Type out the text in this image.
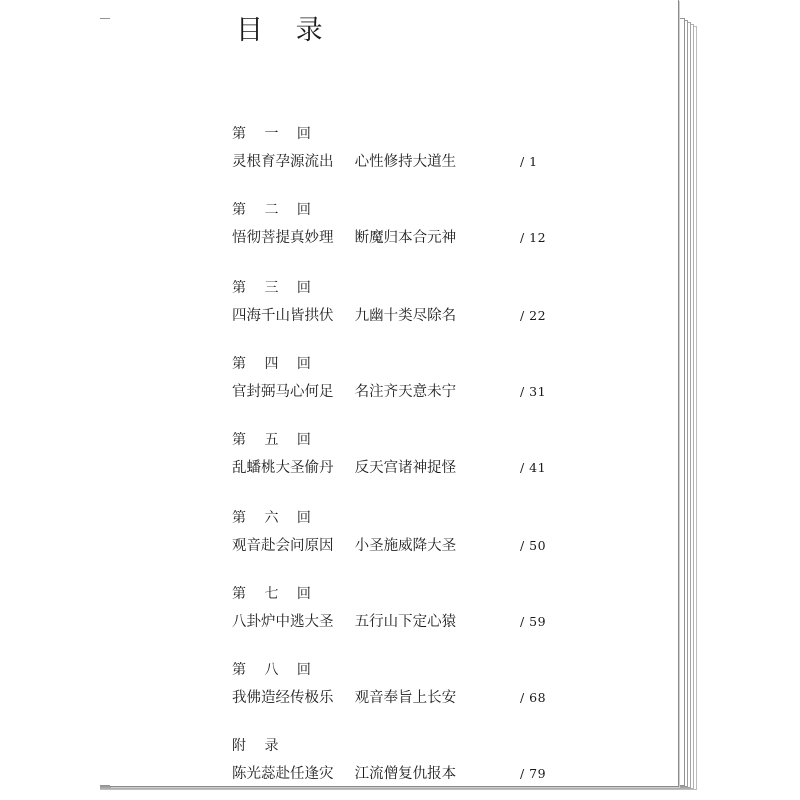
目 录
第 一 回
灵根育孕源流出 心性修持大道生	/ 1
第 二 回
悟彻菩提真妙理 断魔归本合元神	/ 12
第 三 回
四海千山皆拱伏 九幽十类尽除名	/ 22
第 四 回
官封弼马心何足 名注齐天意未宁	/ 31
第 五 回
乱蟠桃大圣偷丹 反天宫诸神捉怪	/ 41
第 六 回
观音赴会问原因 小圣施威降大圣	/ 50
第 七 回
八卦炉中逃大圣 五行山下定心猿	/ 59
第 八 回
我佛造经传极乐 观音奉旨上长安	/ 68
附 录
陈光蕊赴任逢灾 江流僧复仇报本	/ 79
